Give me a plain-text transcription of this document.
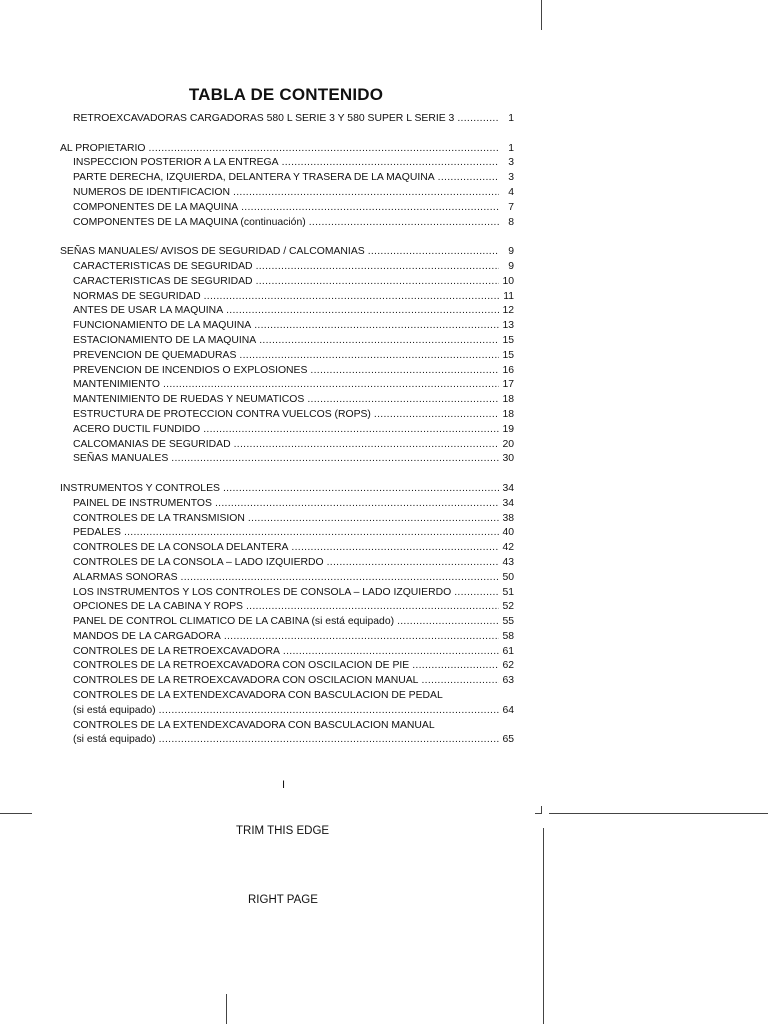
TABLA DE CONTENIDO
RETROEXCAVADORAS CARGADORAS 580 L SERIE 3 Y 580 SUPER L SERIE 3 .....	1
AL PROPIETARIO .....	1
INSPECCION POSTERIOR A LA ENTREGA .....	3
PARTE DERECHA, IZQUIERDA, DELANTERA Y TRASERA DE LA MAQUINA .....	3
NUMEROS DE IDENTIFICACION .....	4
COMPONENTES DE LA MAQUINA .....	7
COMPONENTES DE LA MAQUINA (continuación) .....	8
SEÑAS MANUALES/ AVISOS DE SEGURIDAD / CALCOMANIAS .....	9
CARACTERISTICAS DE SEGURIDAD .....	9
CARACTERISTICAS DE SEGURIDAD .....	10
NORMAS DE SEGURIDAD .....	11
ANTES DE USAR LA MAQUINA .....	12
FUNCIONAMIENTO DE LA MAQUINA .....	13
ESTACIONAMIENTO DE LA MAQUINA .....	15
PREVENCION DE QUEMADURAS .....	15
PREVENCION DE INCENDIOS O EXPLOSIONES .....	16
MANTENIMIENTO .....	17
MANTENIMIENTO DE RUEDAS Y NEUMATICOS .....	18
ESTRUCTURA DE PROTECCION CONTRA VUELCOS (ROPS) .....	18
ACERO DUCTIL FUNDIDO .....	19
CALCOMANIAS DE SEGURIDAD .....	20
SEÑAS MANUALES .....	30
INSTRUMENTOS Y CONTROLES .....	34
PAINEL DE INSTRUMENTOS .....	34
CONTROLES DE LA TRANSMISION .....	38
PEDALES .....	40
CONTROLES DE LA CONSOLA DELANTERA .....	42
CONTROLES DE LA CONSOLA – LADO IZQUIERDO .....	43
ALARMAS SONORAS .....	50
LOS INSTRUMENTOS Y LOS CONTROLES DE CONSOLA – LADO IZQUIERDO .....	51
OPCIONES DE LA CABINA Y ROPS .....	52
PANEL DE CONTROL CLIMATICO DE LA CABINA (si está equipado) .....	55
MANDOS DE LA CARGADORA .....	58
CONTROLES DE LA RETROEXCAVADORA .....	61
CONTROLES DE LA RETROEXCAVADORA CON OSCILACION DE PIE .....	62
CONTROLES DE LA RETROEXCAVADORA CON OSCILACION MANUAL .....	63
CONTROLES DE LA EXTENDEXCAVADORA CON BASCULACION DE PEDAL
(si está equipado) .....	64
CONTROLES DE LA EXTENDEXCAVADORA CON BASCULACION MANUAL
(si está equipado) .....	65
I
TRIM THIS EDGE
RIGHT PAGE
